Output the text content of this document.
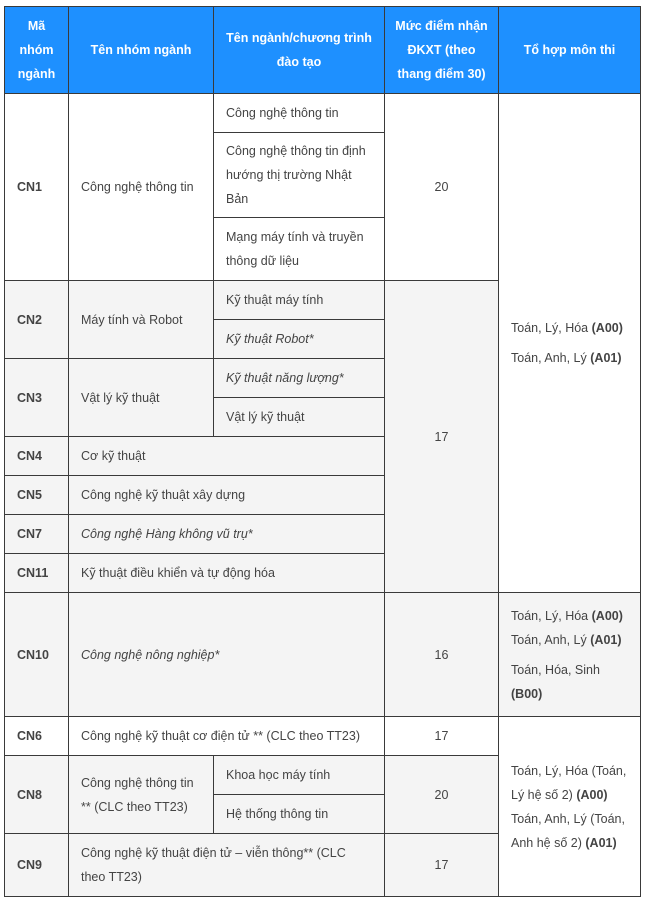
Mã nhóm ngành	Tên nhóm ngành	Tên ngành/chương trình đào tạo	Mức điểm nhận ĐKXT (theo thang điểm 30)	Tổ hợp môn thi
CN1	Công nghệ thông tin	Công nghệ thông tin	20	Toán, Lý, Hóa (A00)
Toán, Anh, Lý (A01)

		Công nghệ thông tin định hướng thị trường Nhật Bản		
		Mạng máy tính và truyền thông dữ liệu		
CN2	Máy tính và Robot	Kỹ thuật máy tính	17	
		Kỹ thuật Robot*		
CN3	Vật lý kỹ thuật	Kỹ thuật năng lượng*		
		Vật lý kỹ thuật		
CN4	Cơ kỹ thuật			
CN5	Công nghệ kỹ thuật xây dựng			
CN7	Công nghệ Hàng không vũ trụ*			
CN11	Kỹ thuật điều khiển và tự động hóa			

CN10	Công nghệ nông nghiệp*		16	Toán, Lý, Hóa (A00)
Toán, Anh, Lý (A01)
Toán, Hóa, Sinh (B00)

CN6	Công nghệ kỹ thuật cơ điện tử ** (CLC theo TT23)		17	Toán, Lý, Hóa (Toán, Lý hệ số 2) (A00)
Toán, Anh, Lý (Toán, Anh hệ số 2) (A01)

CN8	Công nghệ thông tin ** (CLC theo TT23)	Khoa học máy tính	20	
		Hệ thống thông tin		
CN9	Công nghệ kỹ thuật điện tử – viễn thông** (CLC theo TT23)		17	
